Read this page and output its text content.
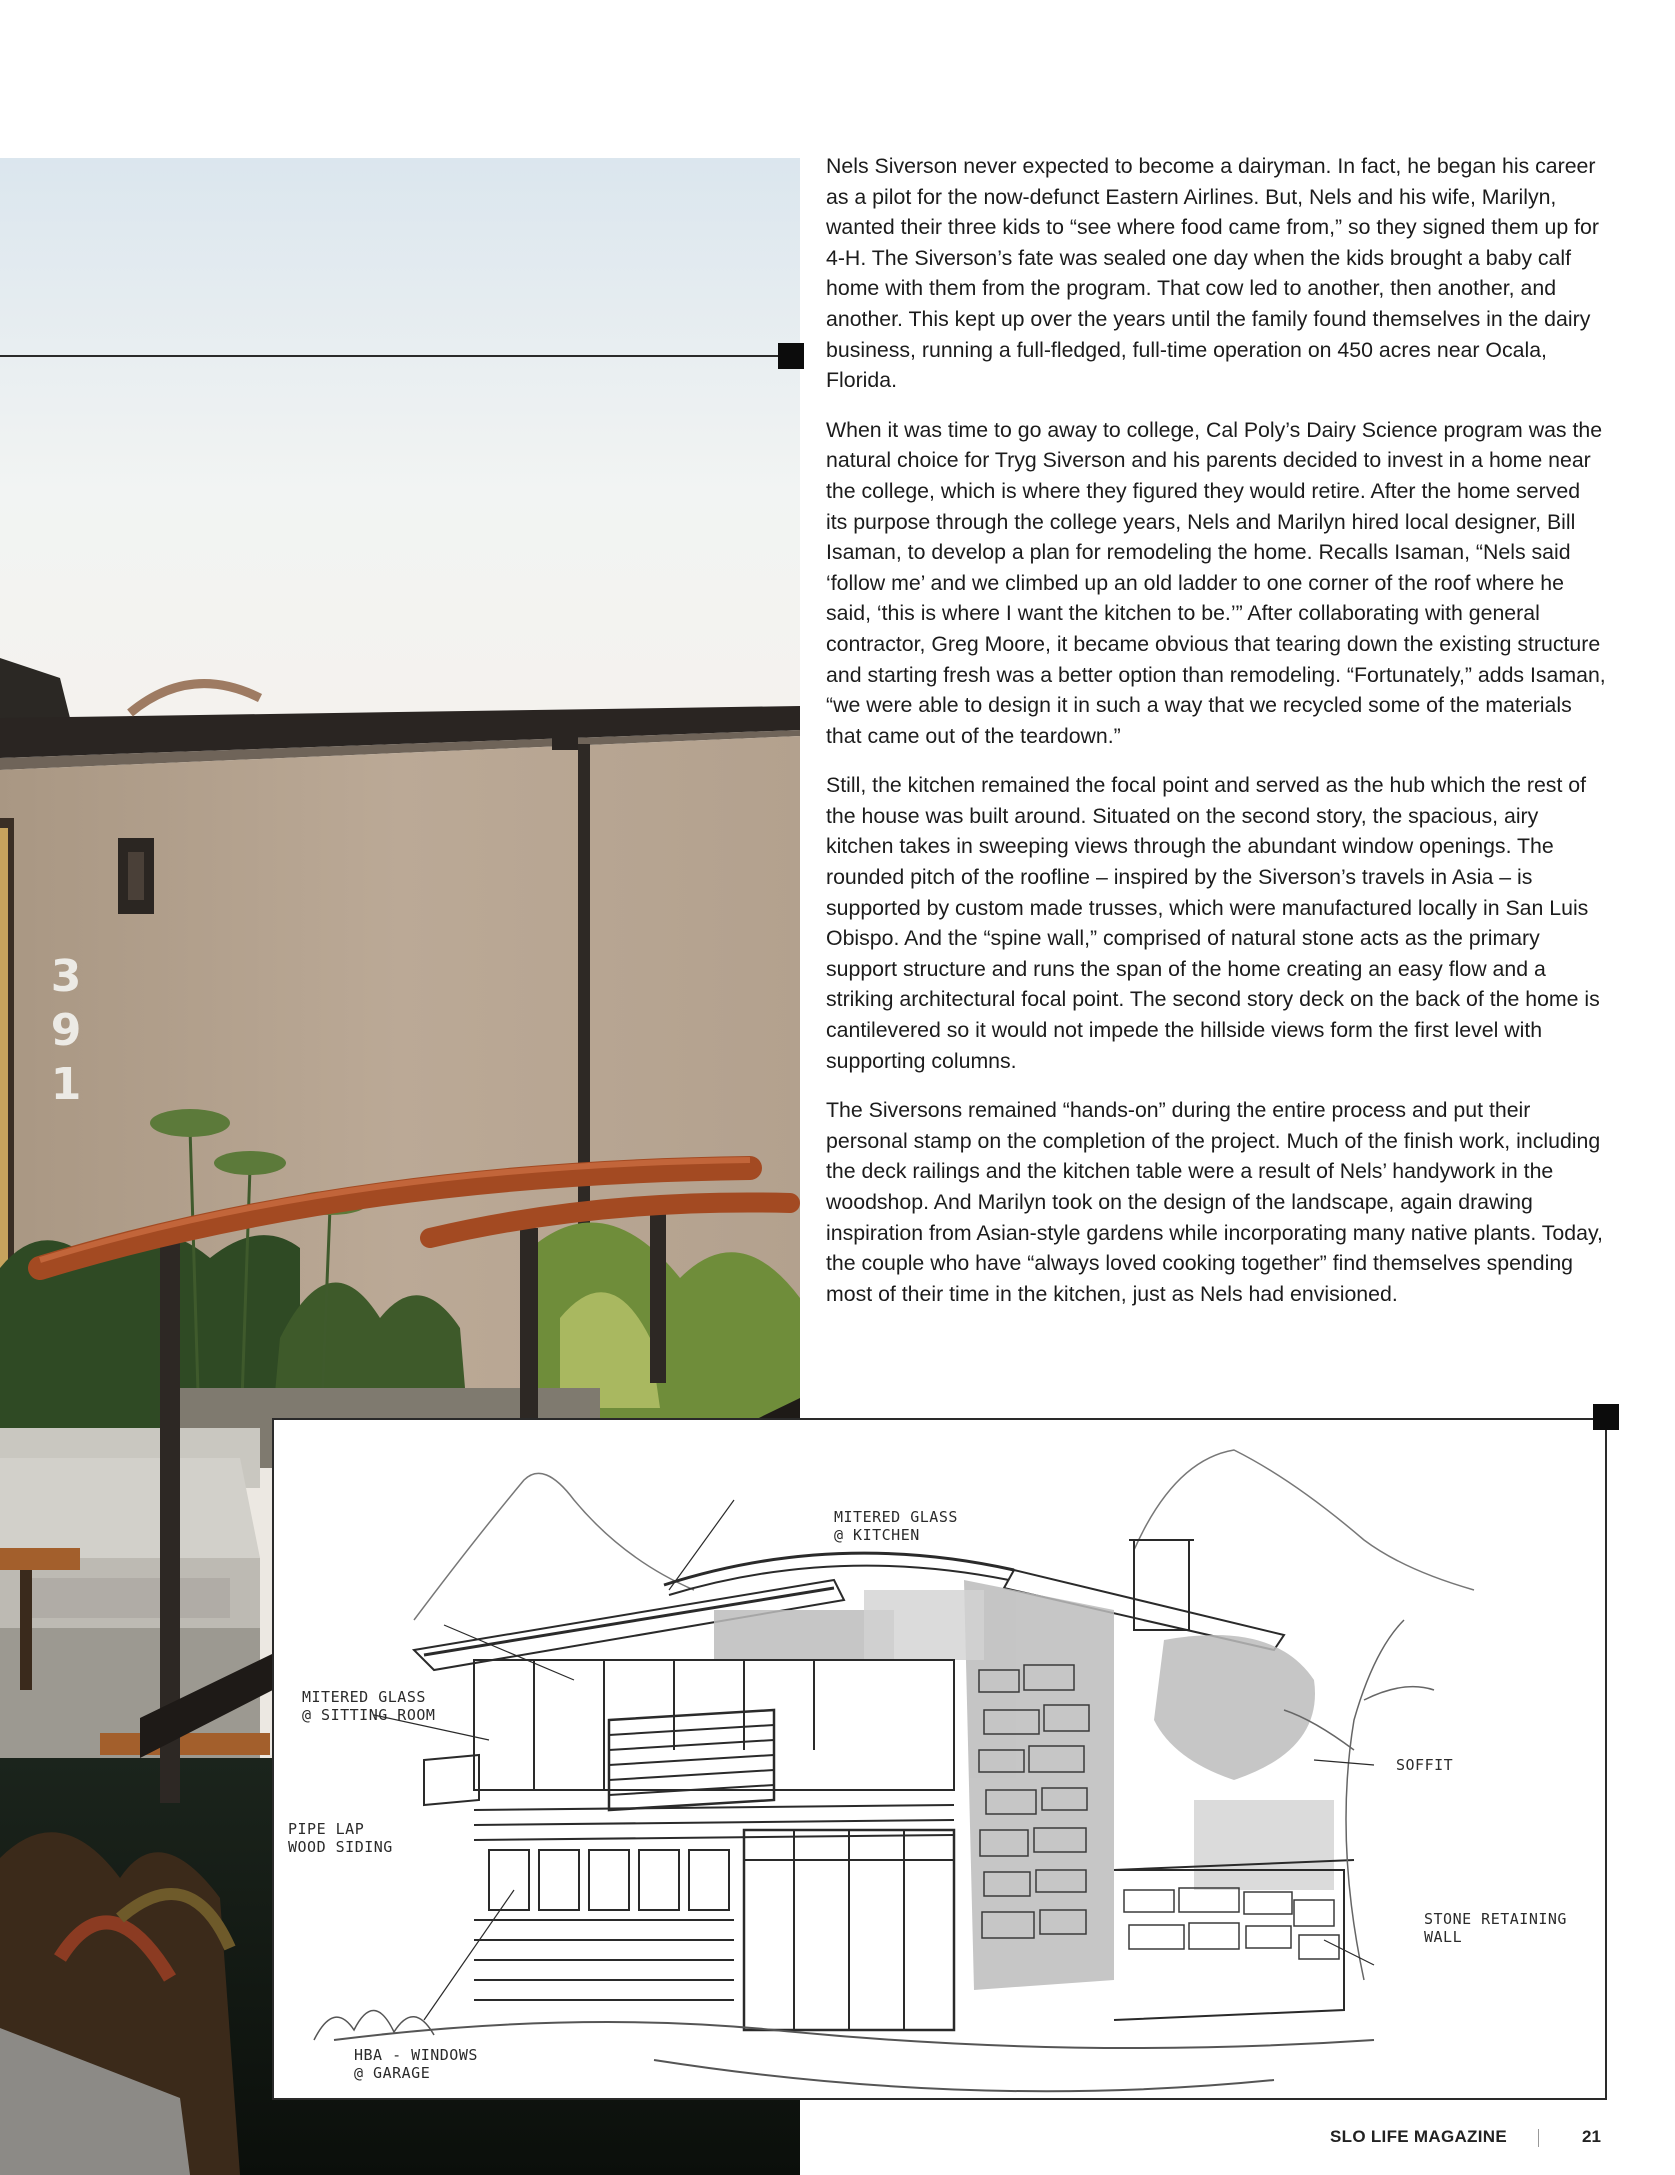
3
9
1

Nels Siverson never expected to become a dairyman. In fact, he began his career as a pilot for the now-defunct Eastern Airlines. But, Nels and his wife, Marilyn, wanted their three kids to “see where food came from,” so they signed them up for 4-H. The Siverson’s fate was sealed one day when the kids brought a baby calf home with them from the program. That cow led to another, then another, and another. This kept up over the years until the family found themselves in the dairy business, running a full-fledged, full-time operation on 450 acres near Ocala, Florida.

When it was time to go away to college, Cal Poly’s Dairy Science program was the natural choice for Tryg Siverson and his parents decided to invest in a home near the college, which is where they figured they would retire. After the home served its purpose through the college years, Nels and Marilyn hired local designer, Bill Isaman, to develop a plan for remodeling the home. Recalls Isaman, “Nels said ‘follow me’ and we climbed up an old ladder to one corner of the roof where he said, ‘this is where I want the kitchen to be.’” After collaborating with general contractor, Greg Moore, it became obvious that tearing down the existing structure and starting fresh was a better option than remodeling. “Fortunately,” adds Isaman, “we were able to design it in such a way that we recycled some of the materials that came out of the teardown.”

Still, the kitchen remained the focal point and served as the hub which the rest of the house was built around. Situated on the second story, the spacious, airy kitchen takes in sweeping views through the abundant window openings. The rounded pitch of the roofline – inspired by the Siverson’s travels in Asia – is supported by custom made trusses, which were manufactured locally in San Luis Obispo. And the “spine wall,” comprised of natural stone acts as the primary support structure and runs the span of the home creating an easy flow and a striking architectural focal point. The second story deck on the back of the home is cantilevered so it would not impede the hillside views form the first level with supporting columns.

The Siversons remained “hands-on” during the entire process and put their personal stamp on the completion of the project. Much of the finish work, including the deck railings and the kitchen table were a result of Nels’ handywork in the woodshop. And Marilyn took on the design of the landscape, again drawing inspiration from Asian-style gardens while incorporating many native plants. Today, the couple who have “always loved cooking together” find themselves spending most of their time in the kitchen, just as Nels had envisioned.

MITERED GLASS
@ KITCHEN
MITERED GLASS
@ SITTING ROOM
PIPE LAP
WOOD SIDING
SOFFIT
STONE RETAINING
WALL
HBA - WINDOWS
@ GARAGE
SLO LIFE MAGAZINE	21
